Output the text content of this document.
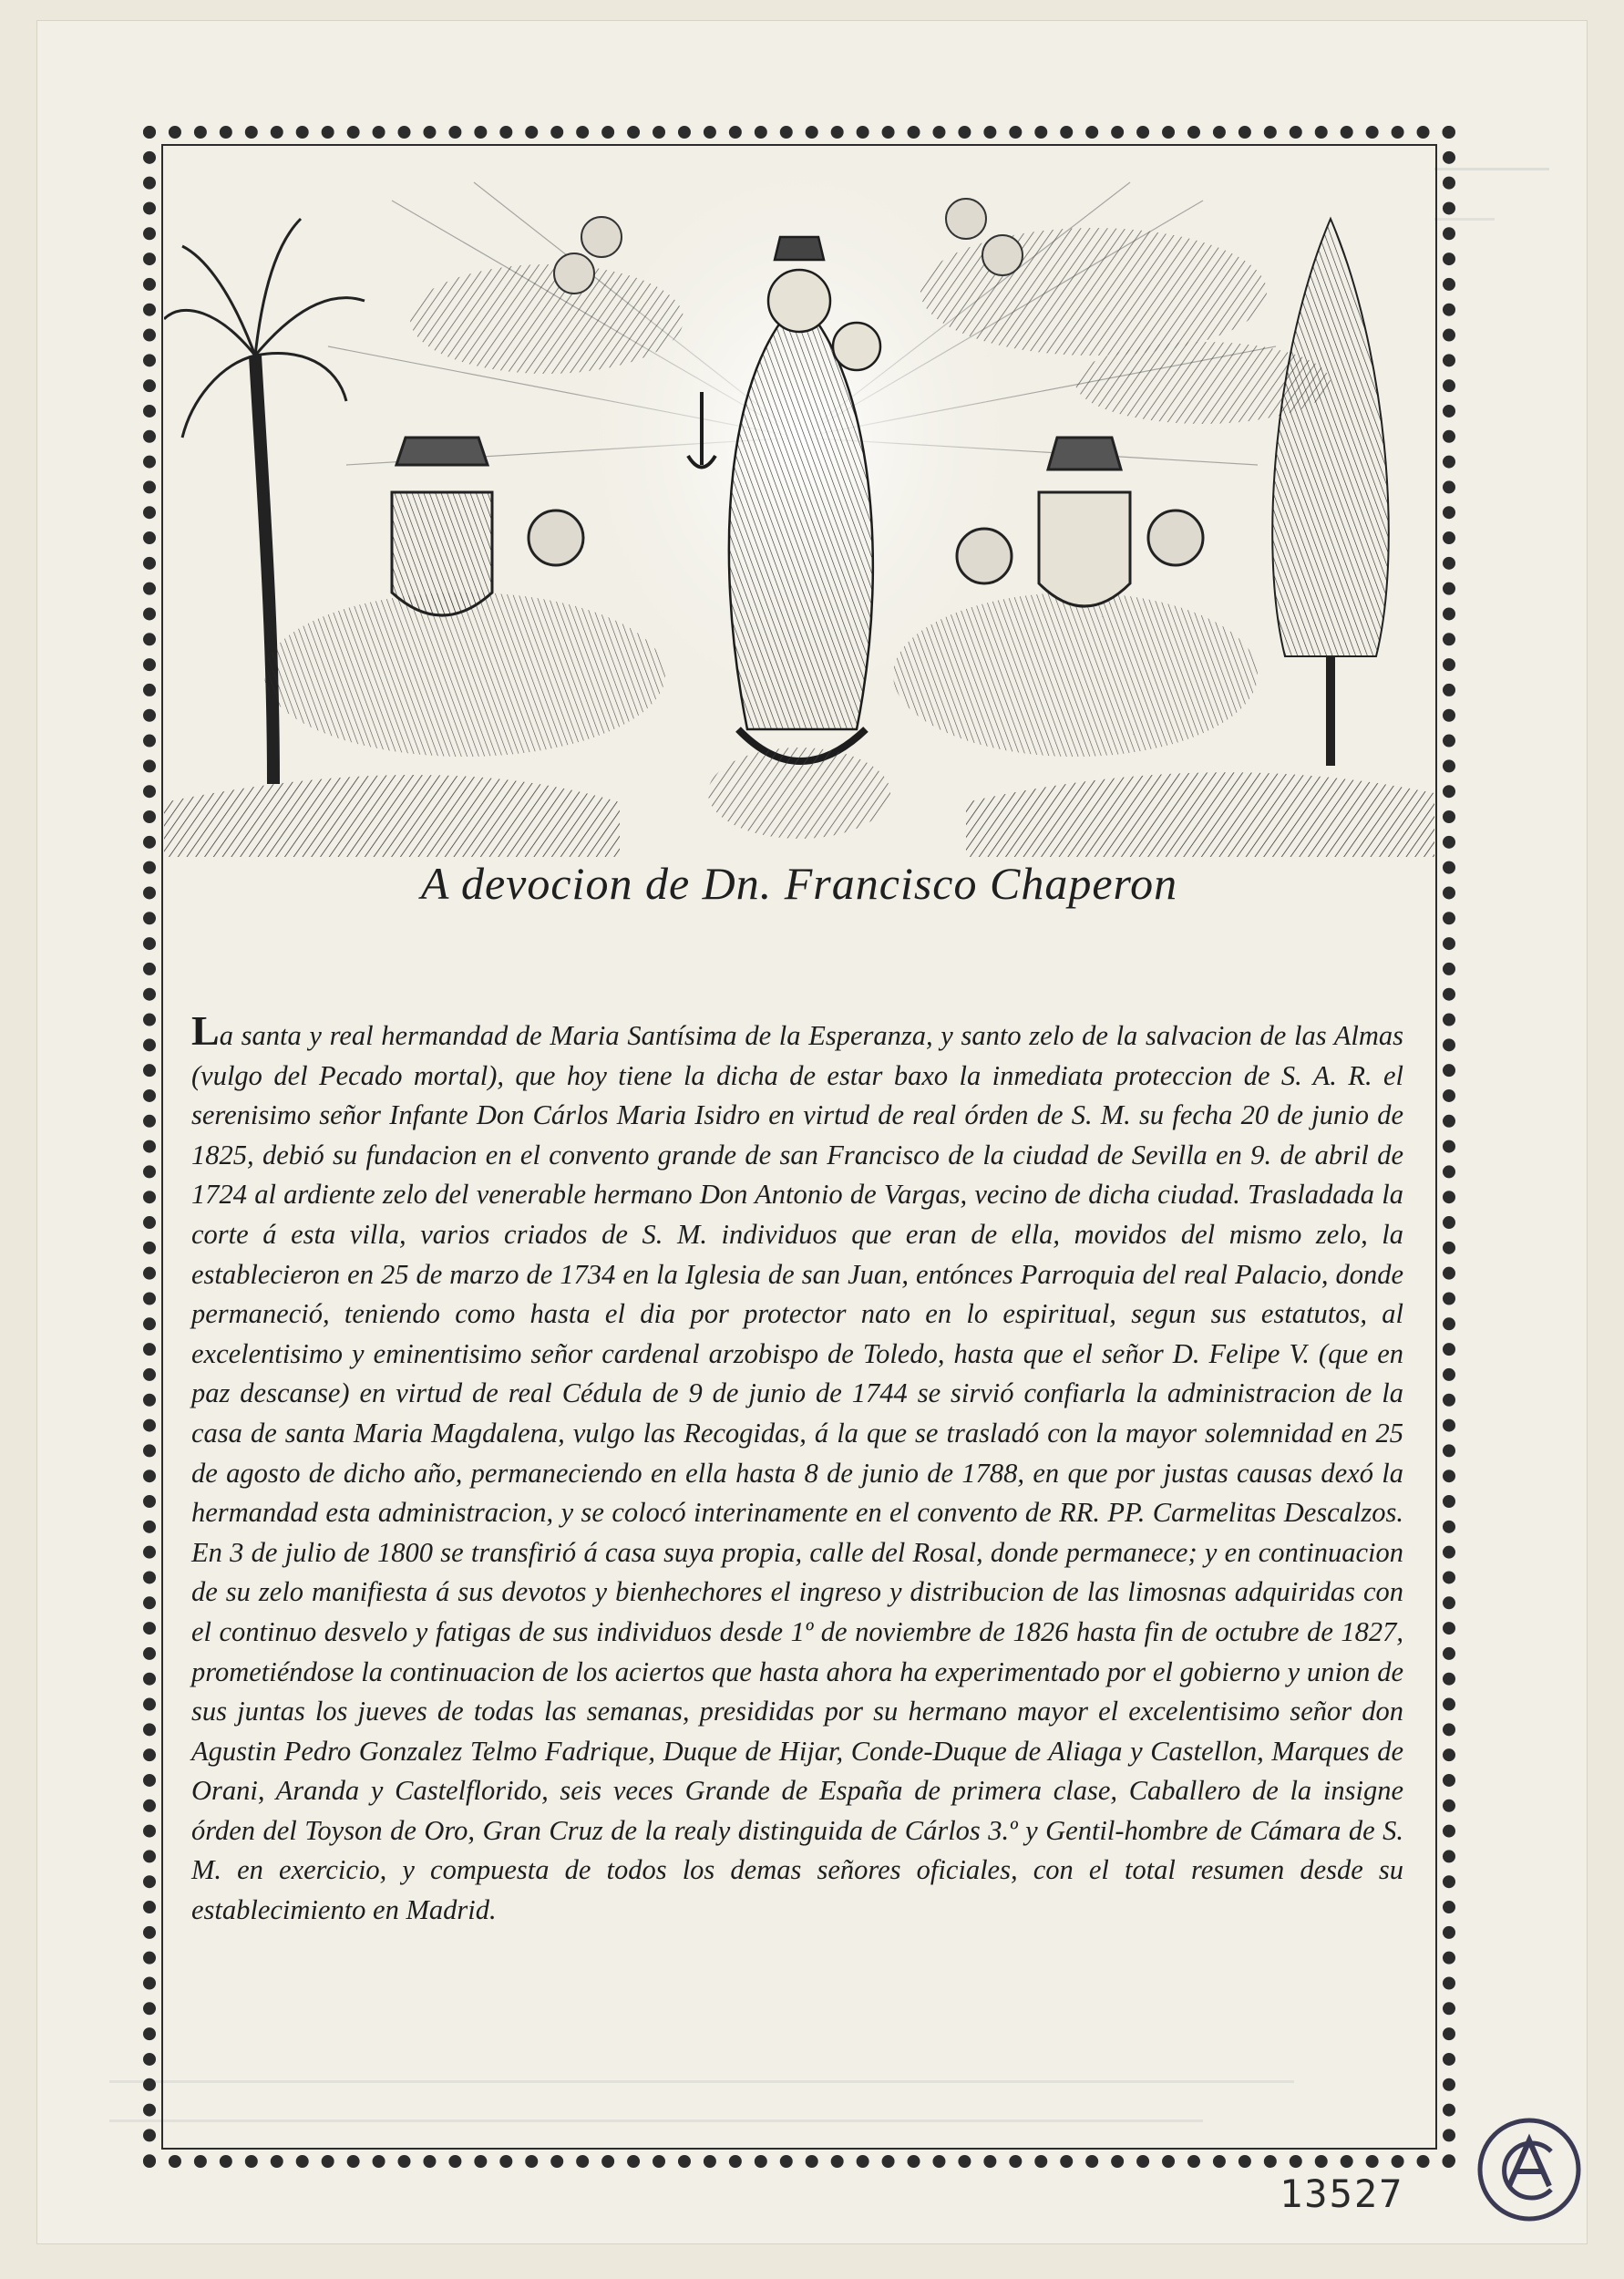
A devocion de Dn. Francisco Chaperon

La santa y real hermandad de Maria Santísima de la Esperanza, y santo zelo de la salvacion de las Almas (vulgo del Pecado mortal), que hoy tiene la dicha de estar baxo la inmediata proteccion de S. A. R. el serenisimo señor Infante Don Cárlos Maria Isidro en virtud de real órden de S. M. su fecha 20 de junio de 1825, debió su fundacion en el convento grande de san Francisco de la ciudad de Sevilla en 9. de abril de 1724 al ardiente zelo del venerable hermano Don Antonio de Vargas, vecino de dicha ciudad. Trasladada la corte á esta villa, varios criados de S. M. individuos que eran de ella, movidos del mismo zelo, la establecieron en 25 de marzo de 1734 en la Iglesia de san Juan, entónces Parroquia del real Palacio, donde permaneció, teniendo como hasta el dia por protector nato en lo espiritual, segun sus estatutos, al excelentisimo y eminentisimo señor cardenal arzobispo de Toledo, hasta que el señor D. Felipe V. (que en paz descanse) en virtud de real Cédula de 9 de junio de 1744 se sirvió confiarla la administracion de la casa de santa Maria Magdalena, vulgo las Recogidas, á la que se trasladó con la mayor solemnidad en 25 de agosto de dicho año, permaneciendo en ella hasta 8 de junio de 1788, en que por justas causas dexó la hermandad esta administracion, y se colocó interinamente en el convento de RR. PP. Carmelitas Descalzos. En 3 de julio de 1800 se transfirió á casa suya propia, calle del Rosal, donde permanece; y en continuacion de su zelo manifiesta á sus devotos y bienhechores el ingreso y distribucion de las limosnas adquiridas con el continuo desvelo y fatigas de sus individuos desde 1º de noviembre de 1826 hasta fin de octubre de 1827, prometiéndose la continuacion de los aciertos que hasta ahora ha experimentado por el gobierno y union de sus juntas los jueves de todas las semanas, presididas por su hermano mayor el excelentisimo señor don Agustin Pedro Gonzalez Telmo Fadrique, Duque de Hijar, Conde-Duque de Aliaga y Castellon, Marques de Orani, Aranda y Castelflorido, seis veces Grande de España de primera clase, Caballero de la insigne órden del Toyson de Oro, Gran Cruz de la realy distinguida de Cárlos 3.º y Gentil-hombre de Cámara de S. M. en exercicio, y compuesta de todos los demas señores oficiales, con el total resumen desde su establecimiento en Madrid.

13527
